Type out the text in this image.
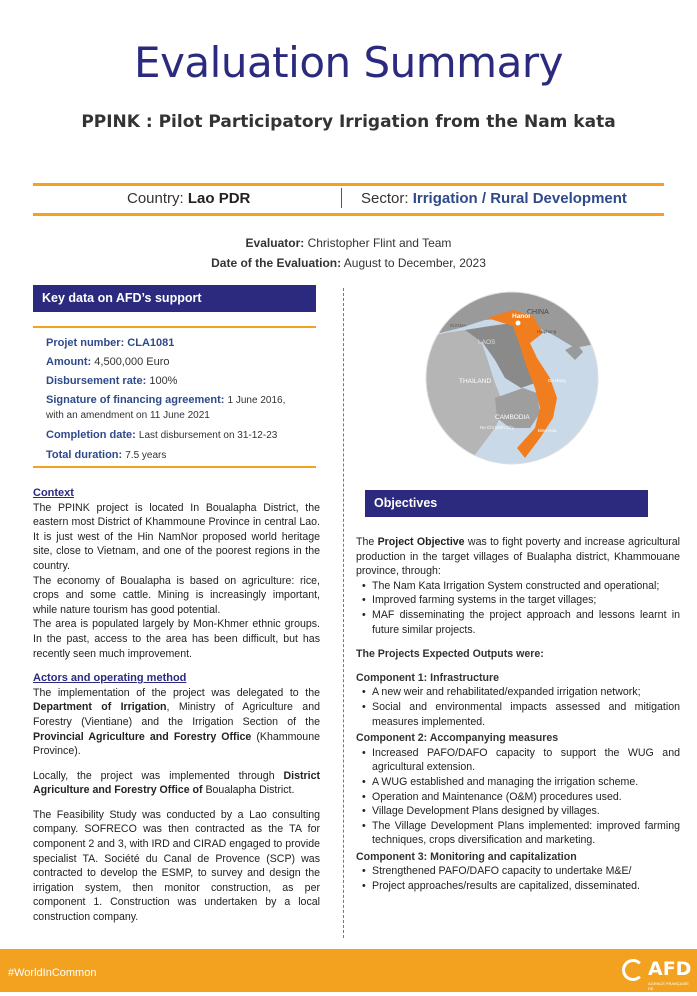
Evaluation Summary
PPINK : Pilot Participatory Irrigation from the Nam kata
Country: Lao PDR	Sector: Irrigation / Rural Development
Evaluator: Christopher Flint and Team
Date of the Evaluation: August to December, 2023
Key data on AFD’s support

Projet number: CLA1081

Amount: 4,500,000 Euro

Disbursement rate: 100%

Signature of financing agreement: 1 June 2016,
with an amendment on 11 June 2021

Completion date: Last disbursement on 31-12-23

Total duration: 7.5 years

CHINA
Hanoi
LAOS
BURMA
THAILAND
CAMBODIA
Haiphong
Da Nang
Ho Chi Minh City
Bien Hoa
Context

The PPINK project is located In Boualapha District, the eastern most District of Khammoune Province in central Lao. It is just west of the Hin NamNor proposed world heritage site, close to Vietnam, and one of the poorest regions in the country.

The economy of Boualapha is based on agriculture: rice, crops and some cattle. Mining is increasingly important, while nature tourism has good potential.

The area is populated largely by Mon-Khmer ethnic groups. In the past, access to the area has been difficult, but has recently seen much improvement.

Actors and operating method

The implementation of the project was delegated to the Department of Irrigation, Ministry of Agriculture and Forestry (Vientiane) and the Irrigation Section of the Provincial Agriculture and Forestry Office (Khammoune Province).

Locally, the project was implemented through District Agriculture and Forestry Office of Boualapha District.

The Feasibility Study was conducted by a Lao consulting company. SOFRECO was then contracted as the TA for component 2 and 3, with IRD and CIRAD engaged to provide specialist TA. Société du Canal de Provence (SCP) was contracted to develop the ESMP, to survey and design the irrigation system, then monitor construction, as per component 1. Construction was undertaken by a local construction company.

Objectives

The Project Objective was to fight poverty and increase agricultural production in the target villages of Bualapha district, Khammouane province, through:

• The Nam Kata Irrigation System constructed and operational;
• Improved farming systems in the target villages;
• MAF disseminating the project approach and lessons learnt in future similar projects.

The Projects Expected Outputs were:

Component 1: Infrastructure

• A new weir and rehabilitated/expanded irrigation network;
• Social and environmental impacts assessed and mitigation measures implemented.

Component 2: Accompanying measures

• Increased PAFO/DAFO capacity to support the WUG and agricultural extension.
• A WUG established and managing the irrigation scheme.
• Operation and Maintenance (O&M) procedures used.
• Village Development Plans designed by villages.
• The Village Development Plans implemented: improved farming techniques, crops diversification and marketing.

Component 3: Monitoring and capitalization

• Strengthened PAFO/DAFO capacity to undertake M&E/
• Project approaches/results are capitalized, disseminated.
#WorldInCommon	AFD
AGENCE FRANÇAISE DE DÉVELOPPEMENT
